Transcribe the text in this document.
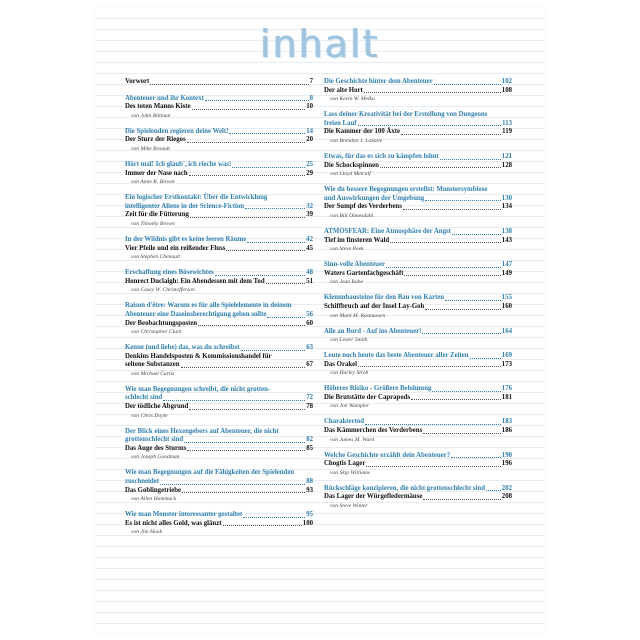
inhalt
Vorwort	7
Abenteuer und ihr Kontext	8
Des toten Manns Kiste	10
von John Bittman
Die Spielenden regieren deine Welt!	14
Der Sturz der Riegos	20
von Mike Broault
Hört mal! Ich glaub', ich rieche was!	25
Immer der Nase nach	29
von Anne K. Brown
Ein logischer Erstkontakt: Über die Entwicklung
intelligenter Aliens in der Science-Fiction	32
Zeit für die Fütterung	39
von Timothy Brown
In der Wildnis gibt es keine leeren Räume	42
Vier Pfeile und ein reißender Fluss	45
von Stephen Chenault
Erschaffung eines Bösewichtes	48
Honrect Duclaigh: Ein Abendessen mit dem Tod	51
von Casey W. Christofferson
Raison d'être: Warum es für alle Spielelemente in deinem
Abenteuer eine Daseinsberechtigung geben sollte	56
Der Beobachtungsposten	60
von Christopher Clark
Kenne (und liebe) das, was du schreibst	63
Denkins Handelsposten & Kommissionshandel für
seltene Substanzen	67
von Michael Curtis
Wie man Begegnungen schreibt, die nicht grotten-
schlecht sind	72
Der tödliche Abgrund	78
von Chris Doyle
Der Blick eines Hexengebers auf Abenteuer, die nicht
grottenschlecht sind	82
Das Auge des Sturms	85
von Joseph Goodman
Wie man Begegnungen auf die Fähigkeiten der Spielenden
zuschneidet	88
Das Goblingetriebe	93
von Allen Hammack
Wie man Monster interessanter gestaltet	95
Es ist nicht alles Gold, was glänzt	100
von Jim Hook
Die Geschichte hinter dem Abenteuer	102
Der alte Hort	108
von Kevin W. Melka
Lass deiner Kreativität bei der Erstellung von Dungeons
freien Lauf	113
Die Kammer der 100 Äxte	119
von Brendan J. LaSalle
Etwas, für das es sich zu kämpfen lohnt	121
Die Schockspinnen	128
von Lloyd Metcalf
Wie du bessere Begegnungen erstellst: Monstersymbiose
und Auswirkungen der Umgebung	130
Der Sumpf des Verderbens	134
von Bill Olmesdahl
ATMOSFEAR: Eine Atmosphäre der Angst	138
Tief im finsteren Wald	143
von Steve Peek
Sinn-volle Abenteuer	147
Waters Gartenfachgeschäft	149
von Jean Rabe
Klemmbausteine für den Bau von Karten	155
Schiffbruch auf der Insel Lay-Goh	160
von Mark M. Rasmussen
Alle an Bord - Auf ins Abenteuer!	164
von Lester Smith
Leute noch heute das beste Abenteuer aller Zeiten	169
Das Orakel	173
von Harley Stroh
Höheres Risiko - Größere Belohnung	176
Die Brutstätte der Caprapods	181
von Jon Wampler
Charaktertod	183
Das Kämmerchen des Verderbens	186
von James M. Ward
Welche Geschichte erzählt dein Abenteuer?	190
Chogtis Lager	196
von Skip Williams
Rückschläge konzipieren, die nicht grottenschlecht sind 202
Das Lager der Würgefledermäuse	208
von Steve Winter
